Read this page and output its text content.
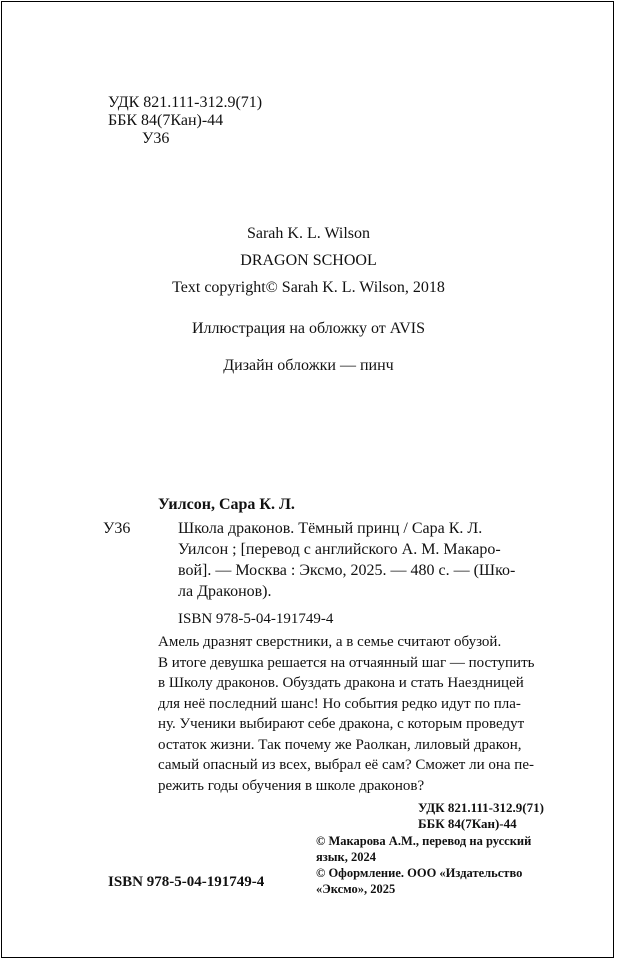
УДК 821.111-312.9(71)
ББК 84(7Кан)-44
У36
Sarah K. L. Wilson
DRAGON SCHOOL
Text copyright© Sarah K. L. Wilson, 2018
Иллюстрация на обложку от AVIS
Дизайн обложки — пинч
Уилсон, Сара К. Л.
У36	Школа драконов. Тёмный принц / Сара К. Л.
Уилсон ; [перевод с английского А. М. Макаро-
вой]. — Москва : Эксмо, 2025. — 480 с. — (Шко-
ла Драконов).
ISBN 978-5-04-191749-4

Амель дразнят сверстники, а в семье считают обузой.

В итоге девушка решается на отчаянный шаг — поступить

в Школу драконов. Обуздать дракона и стать Наездницей

для неё последний шанс! Но события редко идут по пла-

ну. Ученики выбирают себе дракона, с которым проведут

остаток жизни. Так почему же Раолкан, лиловый дракон,

самый опасный из всех, выбрал её сам? Сможет ли она пе-

режить годы обучения в школе драконов?

УДК 821.111-312.9(71)
ББК 84(7Кан)-44
ISBN 978-5-04-191749-4
© Макарова А.М., перевод на русский язык, 2024
© Оформление. ООО «Издательство «Эксмо», 2025
